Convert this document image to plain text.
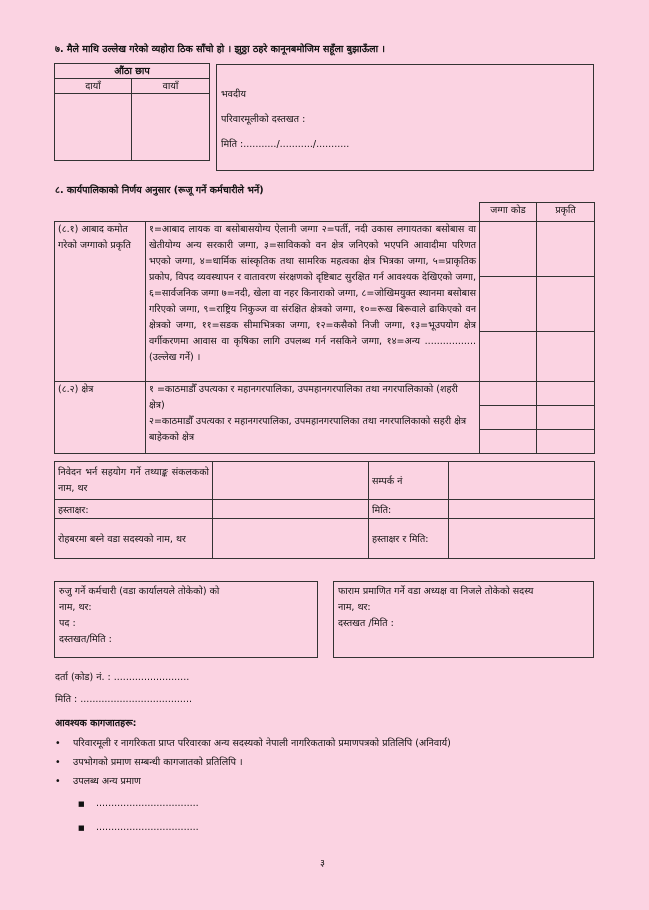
७. मैले माथि उल्लेख गरेको व्यहोरा ठिक साँचो हो । झुठ्ठा ठहरे कानूनबमोजिम सहूँला बुझाऊँला ।
औंठा छाप	
दायाँ	वायाँ

भवदीय
परिवारमूलीको दस्तखत :
मिति :.........../.........../...........
८. कार्यपालिकाको निर्णय अनुसार (रूजू गर्ने कर्मचारीले भर्ने)
		जग्गा कोड	प्रकृति
(८.१) आबाद कमोत गरेको जग्गाको प्रकृति	१=आबाद लायक वा बसोबासयोग्य ऐलानी जग्गा २=पर्ती, नदी उकास लगायतका बसोबास वा खेतीयोग्य अन्य सरकारी जग्गा, ३=साविकको वन क्षेत्र जनिएको भएपनि आवादीमा परिणत भएको जग्गा, ४=धार्मिक सांस्कृतिक तथा सामरिक महत्वका क्षेत्र भित्रका जग्गा, ५=प्राकृतिक प्रकोप, विपद व्यवस्थापन र वातावरण संरक्षणको दृष्टिबाट सुरक्षित गर्न आवश्यक देखिएको जग्गा, ६=सार्वजनिक जग्गा ७=नदी, खेला वा नहर किनाराको जग्गा, ८=जोखिमयुक्त स्थानमा बसोबास गरिएको जग्गा, ९=राष्ट्रिय निकुञ्ज वा संरक्षित क्षेत्रको जग्गा, १०=रूख बिरूवाले ढाकिएको वन क्षेत्रको जग्गा, ११=सडक सीमाभित्रका जग्गा, १२=कसैको निजी जग्गा, १३=भूउपयोग क्षेत्र वर्गीकरणमा आवास वा कृषिका लागि उपलब्ध गर्न नसकिने जग्गा, १४=अन्य ................. (उल्लेख गर्ने) ।		

(८.२) क्षेत्र	१ =काठमाडौँ उपत्यका र महानगरपालिका, उपमहानगरपालिका तथा नगरपालिकाको (शहरी क्षेत्र)
२=काठमाडौँ उपत्यका र महानगरपालिका, उपमहानगरपालिका तथा नगरपालिकाको सहरी क्षेत्र बाहेकको क्षेत्र		

निवेदन भर्न सहयोग गर्ने तथ्याङ्क संकलकको नाम, थर		सम्पर्क नं	
हस्ताक्षर:		मिति:	
रोहबरमा बस्ने वडा सदस्यको नाम, थर		हस्ताक्षर र मिति:	
रुजु गर्ने कर्मचारी (वडा कार्यालयले तोकेको) को
नाम, थर:
पद :
दस्तखत/मिति :
फाराम प्रमाणित गर्ने वडा अध्यक्ष वा निजले तोकेको सदस्य
नाम, थर:
दस्तखत /मिति :
दर्ता (कोड) नं. : .........................
मिति : .....................................
आवश्यक कागजातहरू:
• परिवारमूली र नागरिकता प्राप्त परिवारका अन्य सदस्यको नेपाली नागरिकताको प्रमाणपत्रको प्रतिलिपि (अनिवार्य)
• उपभोगको प्रमाण सम्बन्धी कागजातको प्रतिलिपि ।
• उपलब्ध अन्य प्रमाण
■ ..................................
■ ..................................
३
